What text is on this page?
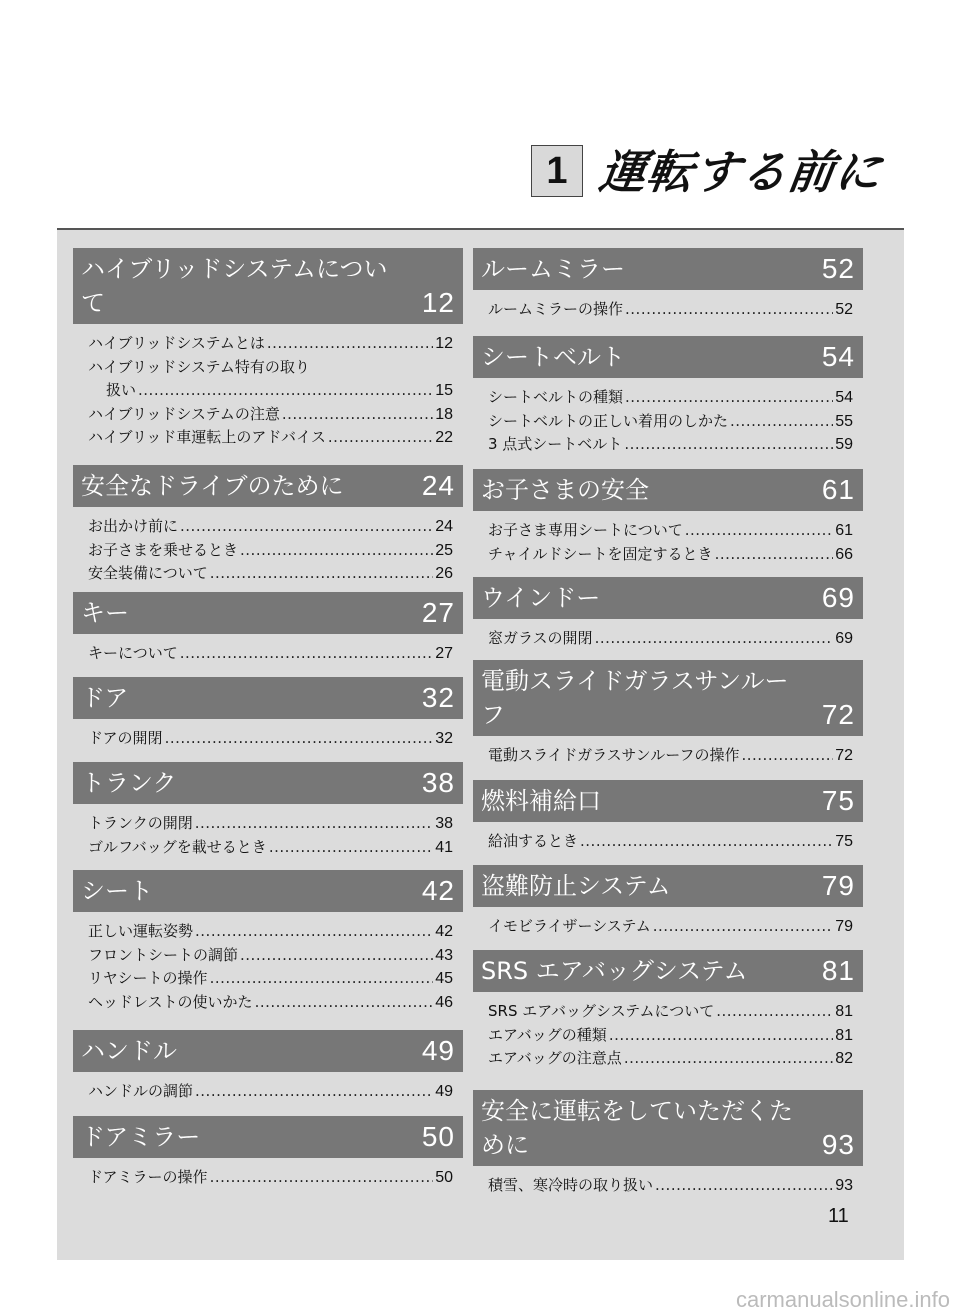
1 運転する前に
ハイブリッドシステムについ
て	12
ハイブリッドシステムとは .....	12
ハイブリッドシステム特有の取り
扱い .....	15
ハイブリッドシステムの注意 .....	18
ハイブリッド車運転上のアドバイス .....	22
安全なドライブのために	24
お出かけ前に .....	24
お子さまを乗せるとき .....	25
安全装備について .....	26
キー	27
キーについて .....	27
ドア	32
ドアの開閉 .....	32
トランク	38
トランクの開閉 .....	38
ゴルフバッグを載せるとき .....	41
シート	42
正しい運転姿勢 .....	42
フロントシートの調節 .....	43
リヤシートの操作 .....	45
ヘッドレストの使いかた .....	46
ハンドル	49
ハンドルの調節 .....	49
ドアミラー	50
ドアミラーの操作 .....	50
ルームミラー	52
ルームミラーの操作 .....	52
シートベルト	54
シートベルトの種類 .....	54
シートベルトの正しい着用のしかた .....	55
3 点式シートベルト .....	59
お子さまの安全	61
お子さま専用シートについて .....	61
チャイルドシートを固定するとき .....	66
ウインドー	69
窓ガラスの開閉 .....	69
電動スライドガラスサンルー
フ	72
電動スライドガラスサンルーフの操作 .....	72
燃料補給口	75
給油するとき .....	75
盗難防止システム	79
イモビライザーシステム .....	79
SRS エアバッグシステム	81
SRS エアバッグシステムについて .....	81
エアバッグの種類 .....	81
エアバッグの注意点 .....	82
安全に運転をしていただくた
めに	93
積雪、寒冷時の取り扱い .....	93
11
carmanualsonline.info
